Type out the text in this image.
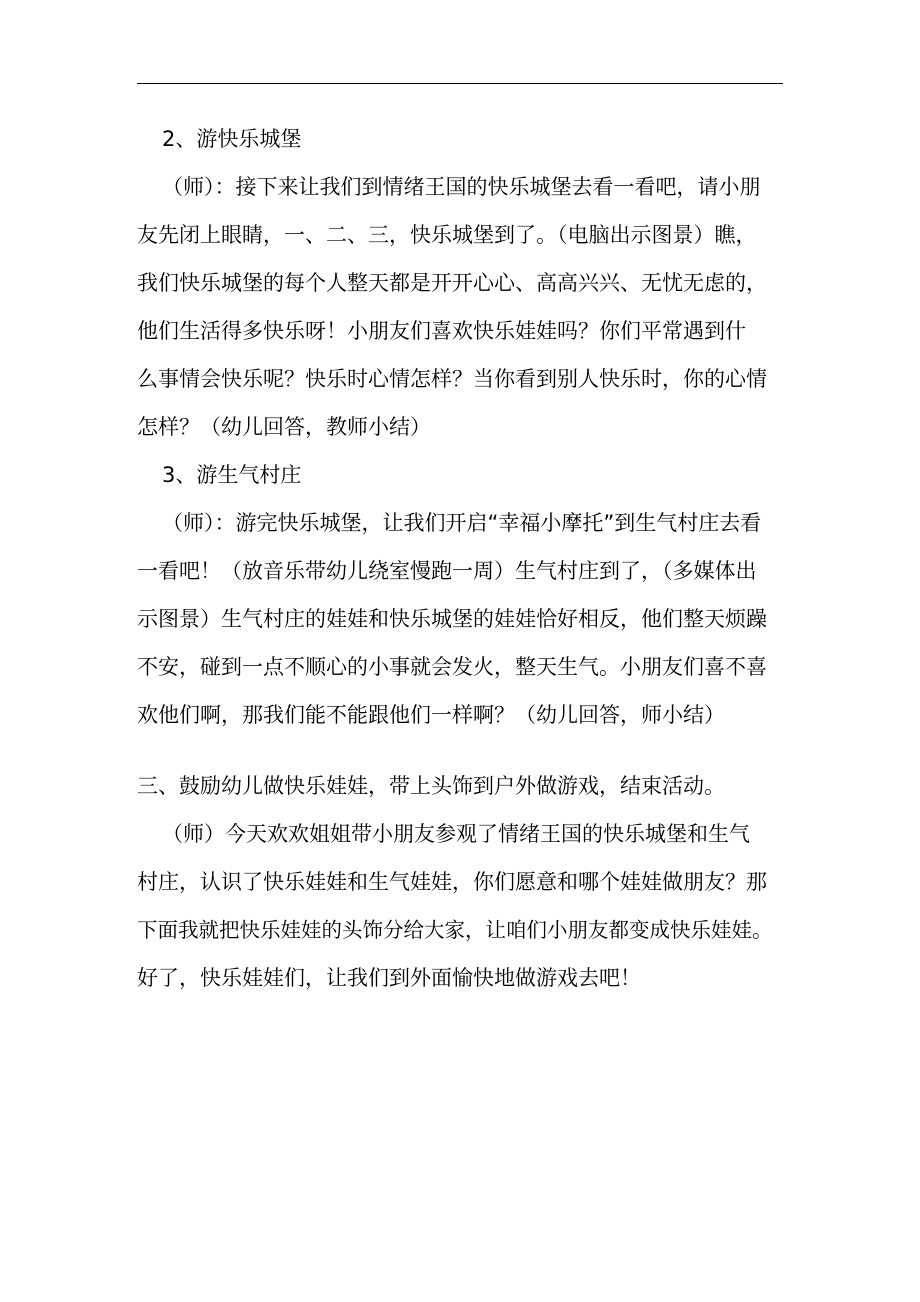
2、游快乐城堡
（师）：接下来让我们到情绪王国的快乐城堡去看一看吧，请小朋
友先闭上眼睛，一、二、三，快乐城堡到了。（电脑出示图景）瞧，
我们快乐城堡的每个人整天都是开开心心、高高兴兴、无忧无虑的，
他们生活得多快乐呀！小朋友们喜欢快乐娃娃吗？你们平常遇到什
么事情会快乐呢？快乐时心情怎样？当你看到别人快乐时，你的心情
怎样？（幼儿回答，教师小结）
3、游生气村庄
（师）：游完快乐城堡，让我们开启“幸福小摩托”到生气村庄去看
一看吧！（放音乐带幼儿绕室慢跑一周）生气村庄到了，（多媒体出
示图景）生气村庄的娃娃和快乐城堡的娃娃恰好相反，他们整天烦躁
不安，碰到一点不顺心的小事就会发火，整天生气。小朋友们喜不喜
欢他们啊，那我们能不能跟他们一样啊？（幼儿回答，师小结）
三、鼓励幼儿做快乐娃娃，带上头饰到户外做游戏，结束活动。
（师）今天欢欢姐姐带小朋友参观了情绪王国的快乐城堡和生气
村庄，认识了快乐娃娃和生气娃娃，你们愿意和哪个娃娃做朋友？那
下面我就把快乐娃娃的头饰分给大家，让咱们小朋友都变成快乐娃娃。
好了，快乐娃娃们，让我们到外面愉快地做游戏去吧！
